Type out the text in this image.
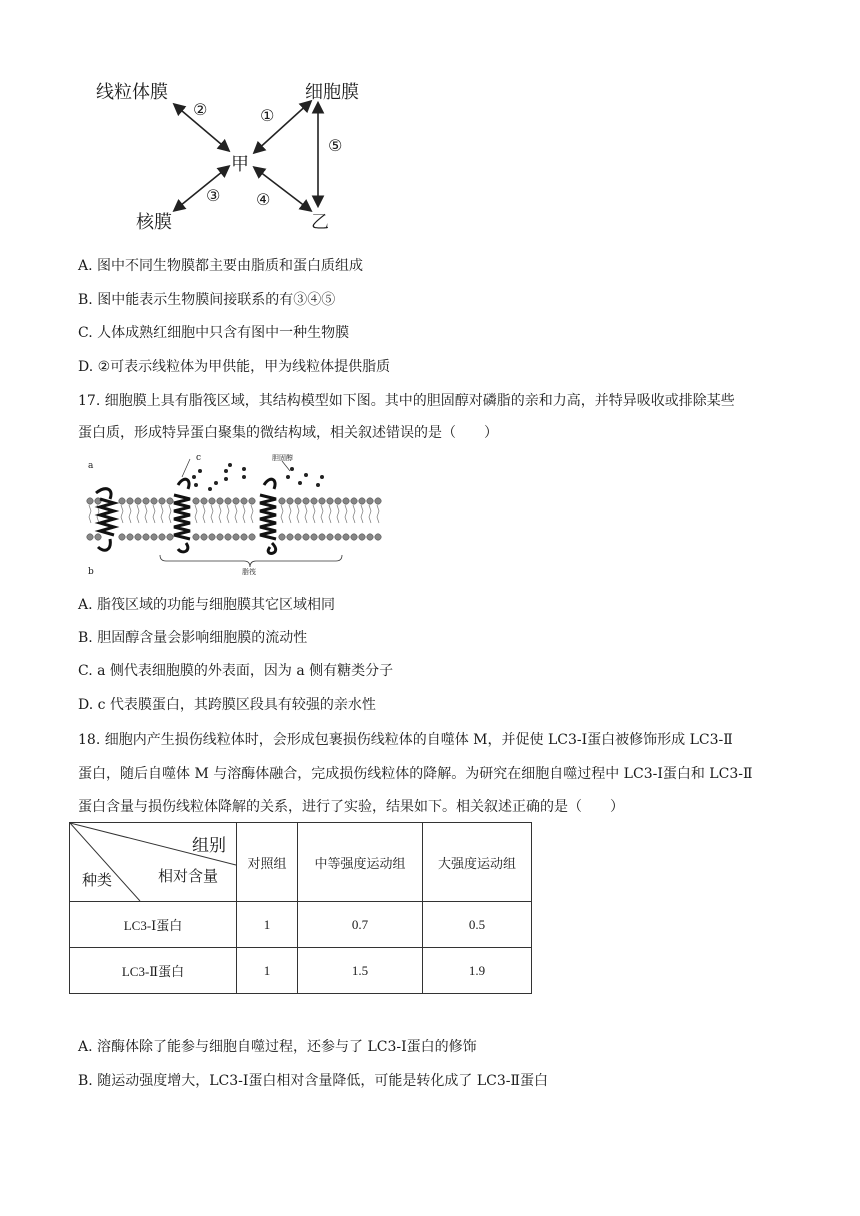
线粒体膜	细胞膜
甲
核膜	乙
②	①
③ ④
⑤
A. 图中不同生物膜都主要由脂质和蛋白质组成
B. 图中能表示生物膜间接联系的有③④⑤
C. 人体成熟红细胞中只含有图中一种生物膜
D. ②可表示线粒体为甲供能，甲为线粒体提供脂质
17. 细胞膜上具有脂筏区域，其结构模型如下图。其中的胆固醇对磷脂的亲和力高，并特异吸收或排除某些
蛋白质，形成特异蛋白聚集的微结构域，相关叙述错误的是（　　）
a
b
c	胆固醇
脂筏
A. 脂筏区域的功能与细胞膜其它区域相同
B. 胆固醇含量会影响细胞膜的流动性
C. a 侧代表细胞膜的外表面，因为 a 侧有糖类分子
D. c 代表膜蛋白，其跨膜区段具有较强的亲水性
18. 细胞内产生损伤线粒体时，会形成包裹损伤线粒体的自噬体 M，并促使 LC3-Ⅰ蛋白被修饰形成 LC3-Ⅱ
蛋白，随后自噬体 M 与溶酶体融合，完成损伤线粒体的降解。为研究在细胞自噬过程中 LC3-Ⅰ蛋白和 LC3-Ⅱ
蛋白含量与损伤线粒体降解的关系，进行了实验，结果如下。相关叙述正确的是（　　）
组别
相对含量
种类	对照组	中等强度运动组	大强度运动组
LC3-Ⅰ蛋白	1	0.7	0.5
LC3-Ⅱ蛋白	1	1.5	1.9
A. 溶酶体除了能参与细胞自噬过程，还参与了 LC3-Ⅰ蛋白的修饰
B. 随运动强度增大，LC3-Ⅰ蛋白相对含量降低，可能是转化成了 LC3-Ⅱ蛋白
